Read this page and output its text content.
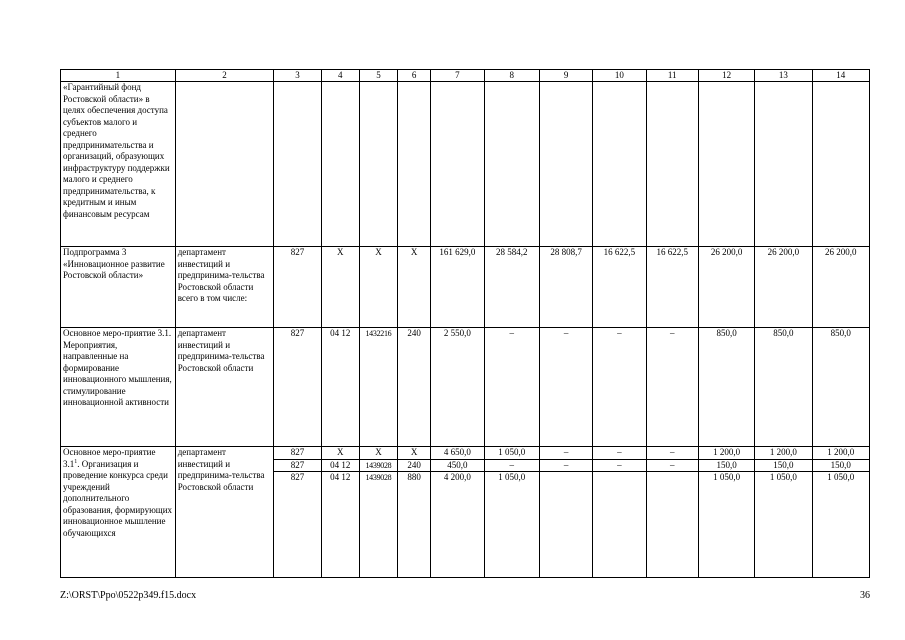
1	2	3	4	5	6	7	8	9	10	11	12	13	14
«Гарантийный фонд Ростовской области» в целях обеспечения доступа субъектов малого и среднего предпринимательства и организаций, образующих инфраструктуру поддержки малого и среднего предпринимательства, к кредитным и иным финансовым ресурсам													
Подпрограмма 3 «Инновационное развитие Ростовской области»	департамент инвестиций и предпринима-тельства Ростовской области всего в том числе:	827	X	X	X	161 629,0	28 584,2	28 808,7	16 622,5	16 622,5	26 200,0	26 200,0	26 200,0
Основное меро-приятие 3.1. Мероприятия, направленные на формирование инновационного мышления, стимулирование инновационной активности	департамент инвестиций и предпринима-тельства Ростовской области	827	04 12	1432216	240	2 550,0	–	–	–	–	850,0	850,0	850,0
Основное меро-приятие $3.1^1$. Организация и проведение конкурса среди учреждений дополнительного образования, формирующих инновационное мышление обучающихся	департамент инвестиций и предпринима-тельства Ростовской области	827	X	X	X	4 650,0	1 050,0	–	–	–	1 200,0	1 200,0	1 200,0
		827	04 12	1439028	240	450,0	–	–	–	–	150,0	150,0	150,0
		827	04 12	1439028	880	4 200,0	1 050,0				1 050,0	1 050,0	1 050,0
Z:\ORST\Ppo\0522p349.f15.docx	36
